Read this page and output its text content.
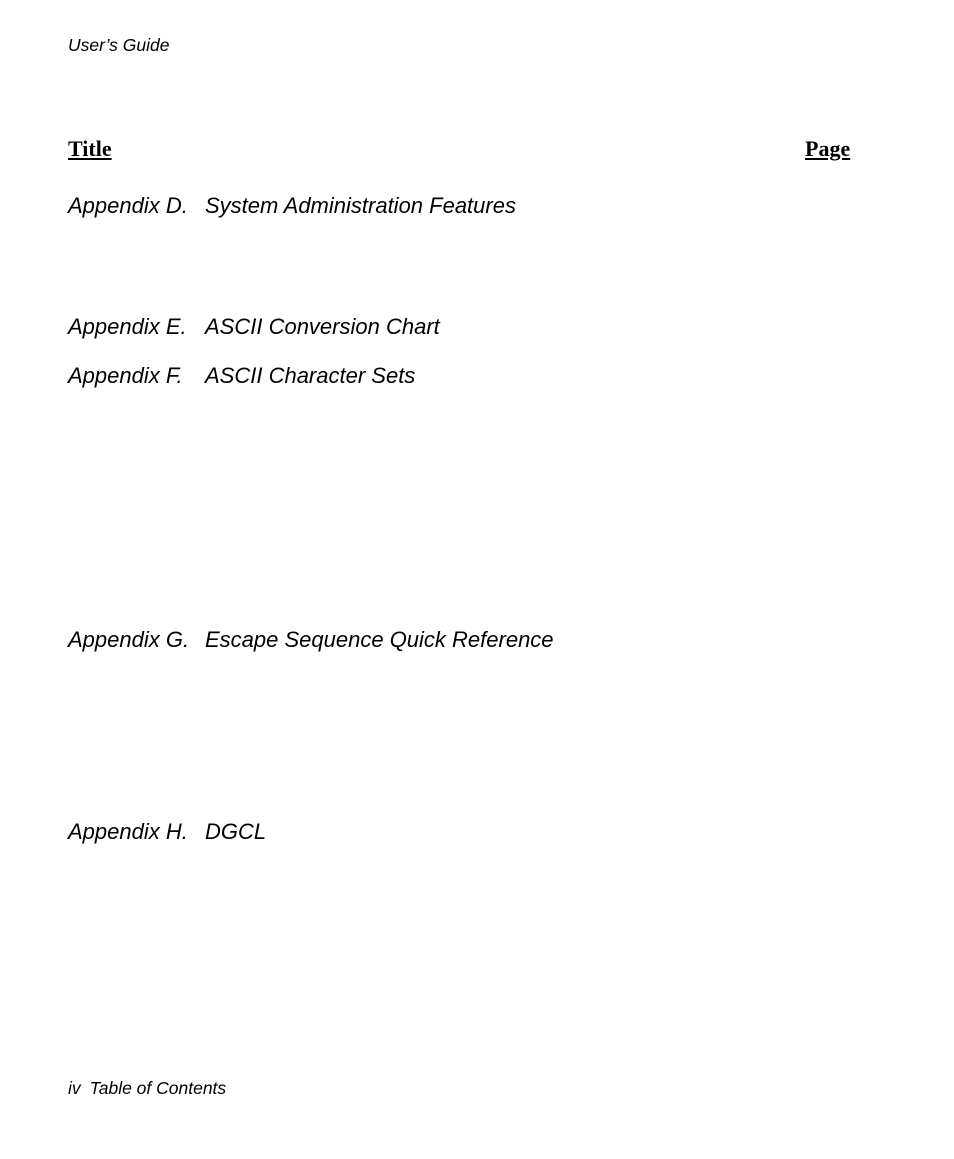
User’s Guide
Title	Page
Appendix D. System Administration Features
Appendix E. ASCII Conversion Chart
Appendix F. ASCII Character Sets
Appendix G. Escape Sequence Quick Reference
Appendix H. DGCL
iv Table of Contents
